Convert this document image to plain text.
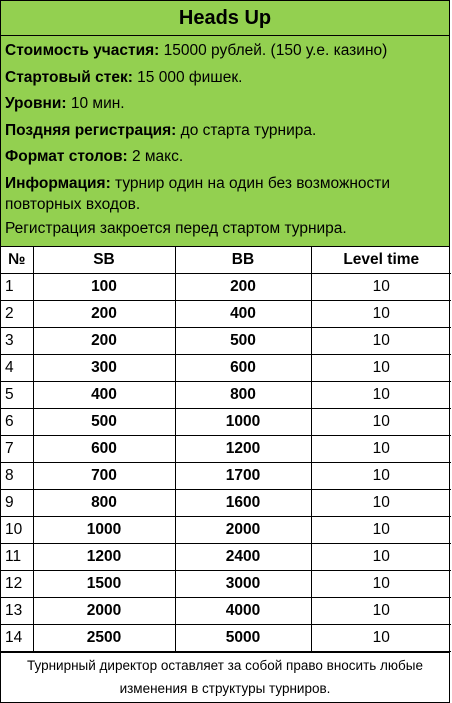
Heads Up
Стоимость участия: 15000 рублей. (150 у.е. казино)
Стартовый стек: 15 000 фишек.
Уровни: 10 мин.
Поздняя регистрация: до старта турнира.
Формат столов: 2 макс.
Информация: турнир один на один без возможности повторных входов.
Регистрация закроется перед стартом турнира.
№	SB	BB	Level time
1	100	200	10
2	200	400	10
3	200	500	10
4	300	600	10
5	400	800	10
6	500	1000	10
7	600	1200	10
8	700	1700	10
9	800	1600	10
10	1000	2000	10
11	1200	2400	10
12	1500	3000	10
13	2000	4000	10
14	2500	5000	10
Турнирный директор оставляет за собой право вносить любые изменения в структуры турниров.
